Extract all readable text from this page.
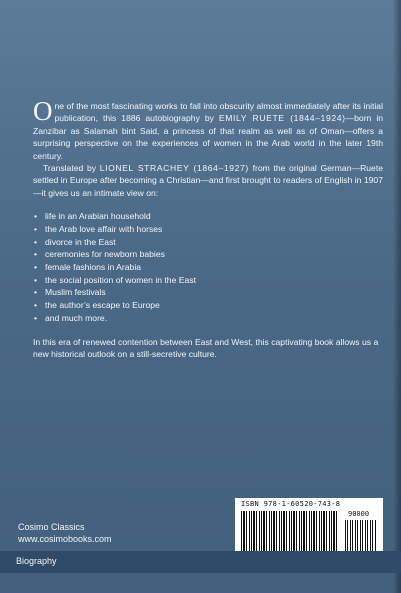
One of the most fascinating works to fall into obscurity almost immediately after its initial publication, this 1886 autobiography by EMILY RUETE (1844–1924)—born in Zanzibar as Salamah bint Said, a princess of that realm as well as of Oman—offers a surprising perspective on the experiences of women in the Arab world in the later 19th century.

Translated by LIONEL STRACHEY (1864–1927) from the original German—Ruete settled in Europe after becoming a Christian—and first brought to readers of English in 1907—it gives us an intimate view on:

• life in an Arabian household
• the Arab love affair with horses
• divorce in the East
• ceremonies for newborn babies
• female fashions in Arabia
• the social position of women in the East
• Muslim festivals
• the author’s escape to Europe
• and much more.

In this era of renewed contention between East and West, this captivating book allows us a new historical outlook on a still-secretive culture.

Cosimo Classics
www.cosimobooks.com
ISBN 978-1-60520-743-8
90000
Biography
